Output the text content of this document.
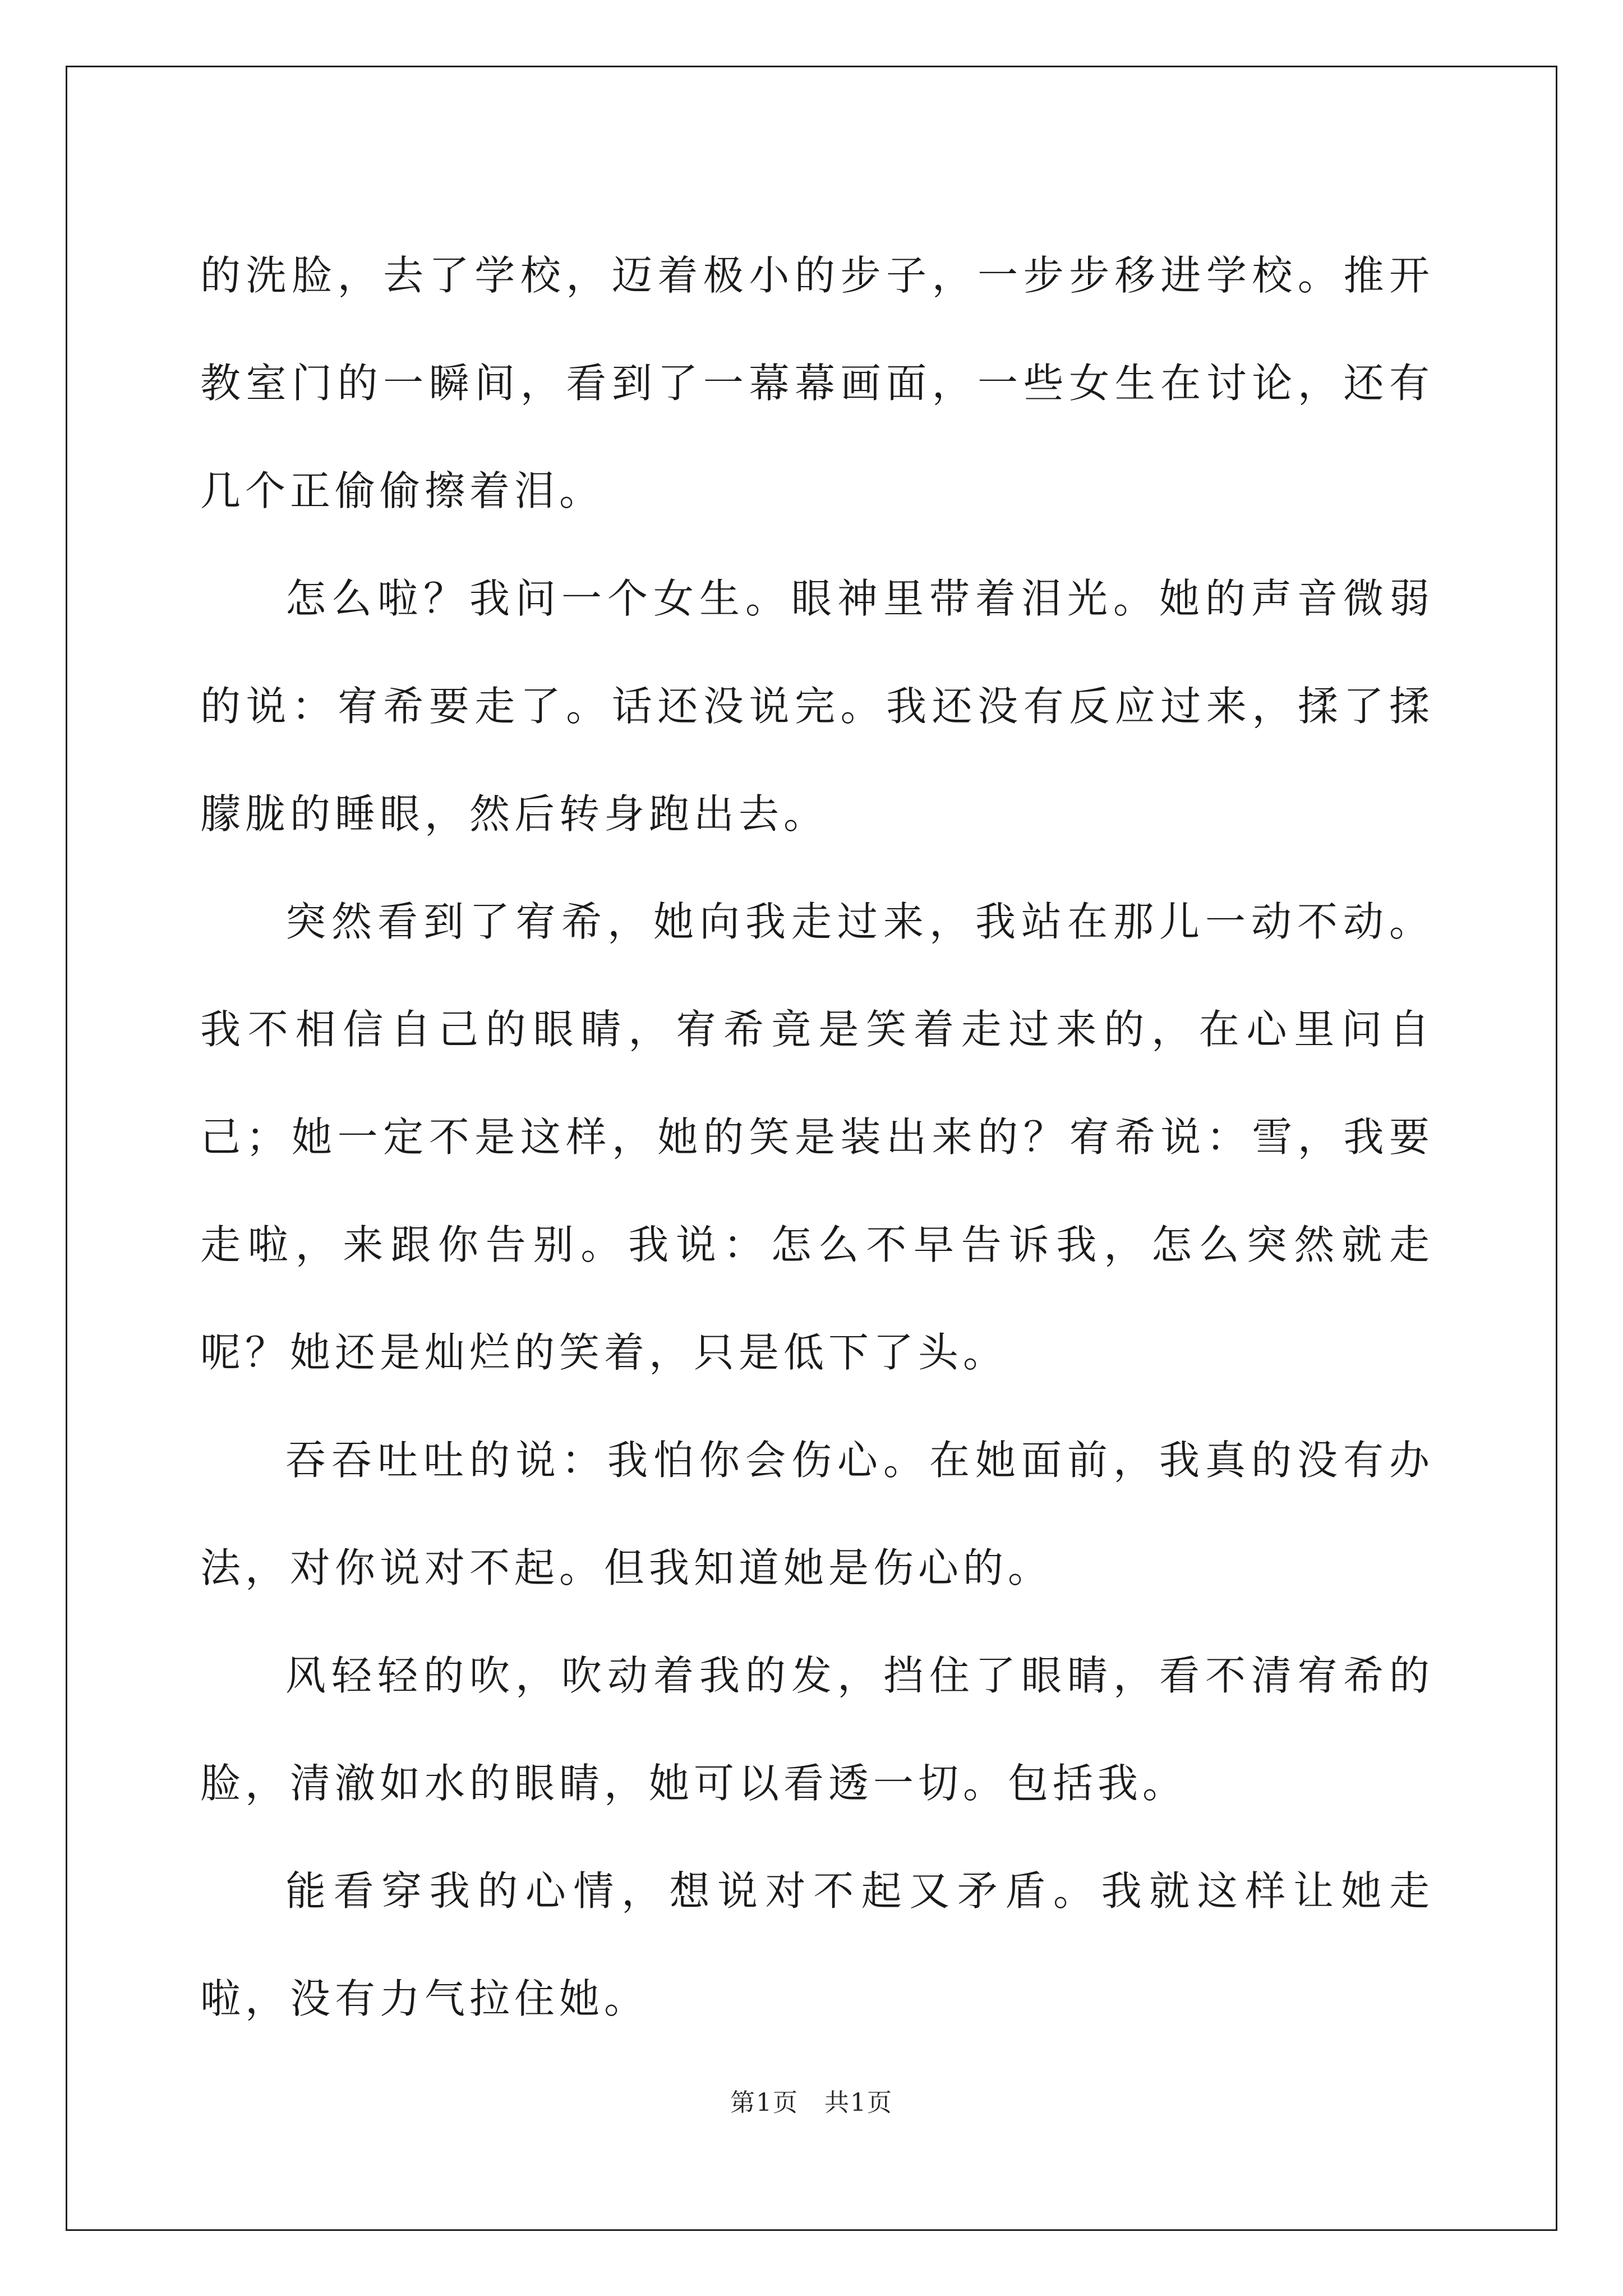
的洗脸，去了学校，迈着极小的步子，一步步移进学校。推开教室门的一瞬间，看到了一幕幕画面，一些女生在讨论，还有几个正偷偷擦着泪。

怎么啦？我问一个女生。眼神里带着泪光。她的声音微弱的说：宥希要走了。话还没说完。我还没有反应过来，揉了揉朦胧的睡眼，然后转身跑出去。

突然看到了宥希，她向我走过来，我站在那儿一动不动。我不相信自己的眼睛，宥希竟是笑着走过来的，在心里问自己；她一定不是这样，她的笑是装出来的？宥希说：雪，我要走啦，来跟你告别。我说：怎么不早告诉我，怎么突然就走呢？她还是灿烂的笑着，只是低下了头。

吞吞吐吐的说：我怕你会伤心。在她面前，我真的没有办法，对你说对不起。但我知道她是伤心的。

风轻轻的吹，吹动着我的发，挡住了眼睛，看不清宥希的脸，清澈如水的眼睛，她可以看透一切。包括我。

能看穿我的心情，想说对不起又矛盾。我就这样让她走啦，没有力气拉住她。

第1页 共1页
